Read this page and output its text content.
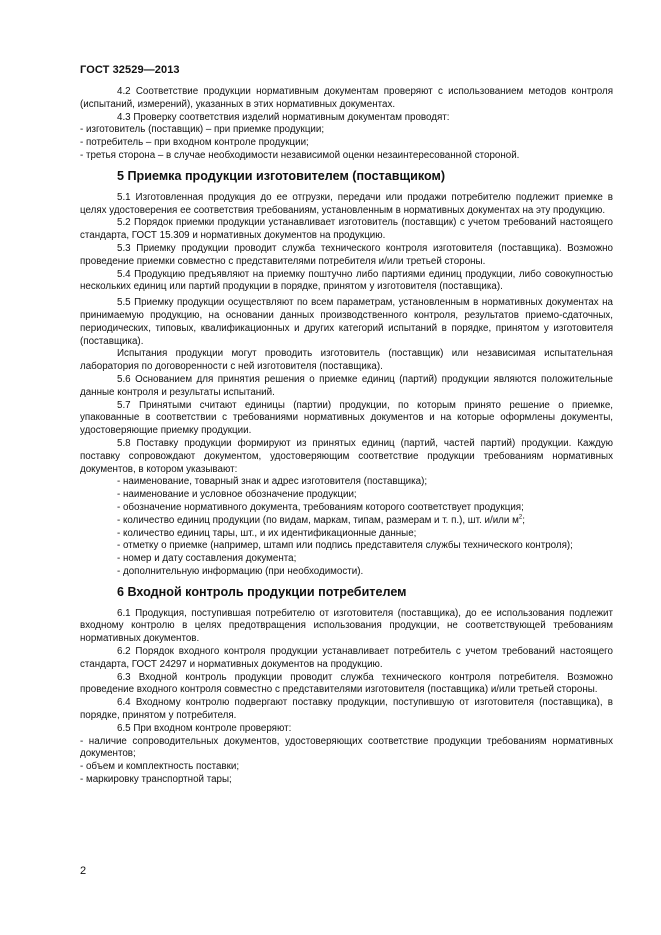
ГОСТ 32529—2013

4.2 Соответствие продукции нормативным документам проверяют с использованием методов контроля (испытаний, измерений), указанных в этих нормативных документах.

4.3 Проверку соответствия изделий нормативным документам проводят:

- изготовитель (поставщик) – при приемке продукции;

- потребитель – при входном контроле продукции;

- третья сторона – в случае необходимости независимой оценки незаинтересованной стороной.

5 Приемка продукции изготовителем (поставщиком)

5.1 Изготовленная продукция до ее отгрузки, передачи или продажи потребителю подлежит приемке в целях удостоверения ее соответствия требованиям, установленным в нормативных документах на эту продукцию.

5.2 Порядок приемки продукции устанавливает изготовитель (поставщик) с учетом требований настоящего стандарта, ГОСТ 15.309 и нормативных документов на продукцию.

5.3 Приемку продукции проводит служба технического контроля изготовителя (поставщика). Возможно проведение приемки совместно с представителями потребителя и/или третьей стороны.

5.4 Продукцию предъявляют на приемку поштучно либо партиями единиц продукции, либо совокупностью нескольких единиц или партий продукции в порядке, принятом у изготовителя (поставщика).

5.5 Приемку продукции осуществляют по всем параметрам, установленным в нормативных документах на принимаемую продукцию, на основании данных производственного контроля, результатов приемо-сдаточных, периодических, типовых, квалификационных и других категорий испытаний в порядке, принятом у изготовителя (поставщика).

Испытания продукции могут проводить изготовитель (поставщик) или независимая испытательная лаборатория по договоренности с ней изготовителя (поставщика).

5.6 Основанием для принятия решения о приемке единиц (партий) продукции являются положительные данные контроля и результаты испытаний.

5.7 Принятыми считают единицы (партии) продукции, по которым принято решение о приемке, упакованные в соответствии с требованиями нормативных документов и на которые оформлены документы, удостоверяющие приемку продукции.

5.8 Поставку продукции формируют из принятых единиц (партий, частей партий) продукции. Каждую поставку сопровождают документом, удостоверяющим соответствие продукции требованиям нормативных документов, в котором указывают:

- наименование, товарный знак и адрес изготовителя (поставщика);

- наименование и условное обозначение продукции;

- обозначение нормативного документа, требованиям которого соответствует продукция;

- количество единиц продукции (по видам, маркам, типам, размерам и т. п.), шт. и/или $м^2$;

- количество единиц тары, шт., и их идентификационные данные;

- отметку о приемке (например, штамп или подпись представителя службы технического контроля);

- номер и дату составления документа;

- дополнительную информацию (при необходимости).

6 Входной контроль продукции потребителем

6.1 Продукция, поступившая потребителю от изготовителя (поставщика), до ее использования подлежит входному контролю в целях предотвращения использования продукции, не соответствующей требованиям нормативных документов.

6.2 Порядок входного контроля продукции устанавливает потребитель с учетом требований настоящего стандарта, ГОСТ 24297 и нормативных документов на продукцию.

6.3 Входной контроль продукции проводит служба технического контроля потребителя. Возможно проведение входного контроля совместно с представителями изготовителя (поставщика) и/или третьей стороны.

6.4 Входному контролю подвергают поставку продукции, поступившую от изготовителя (поставщика), в порядке, принятом у потребителя.

6.5 При входном контроле проверяют:

- наличие сопроводительных документов, удостоверяющих соответствие продукции требованиям нормативных документов;

- объем и комплектность поставки;

- маркировку транспортной тары;

2
